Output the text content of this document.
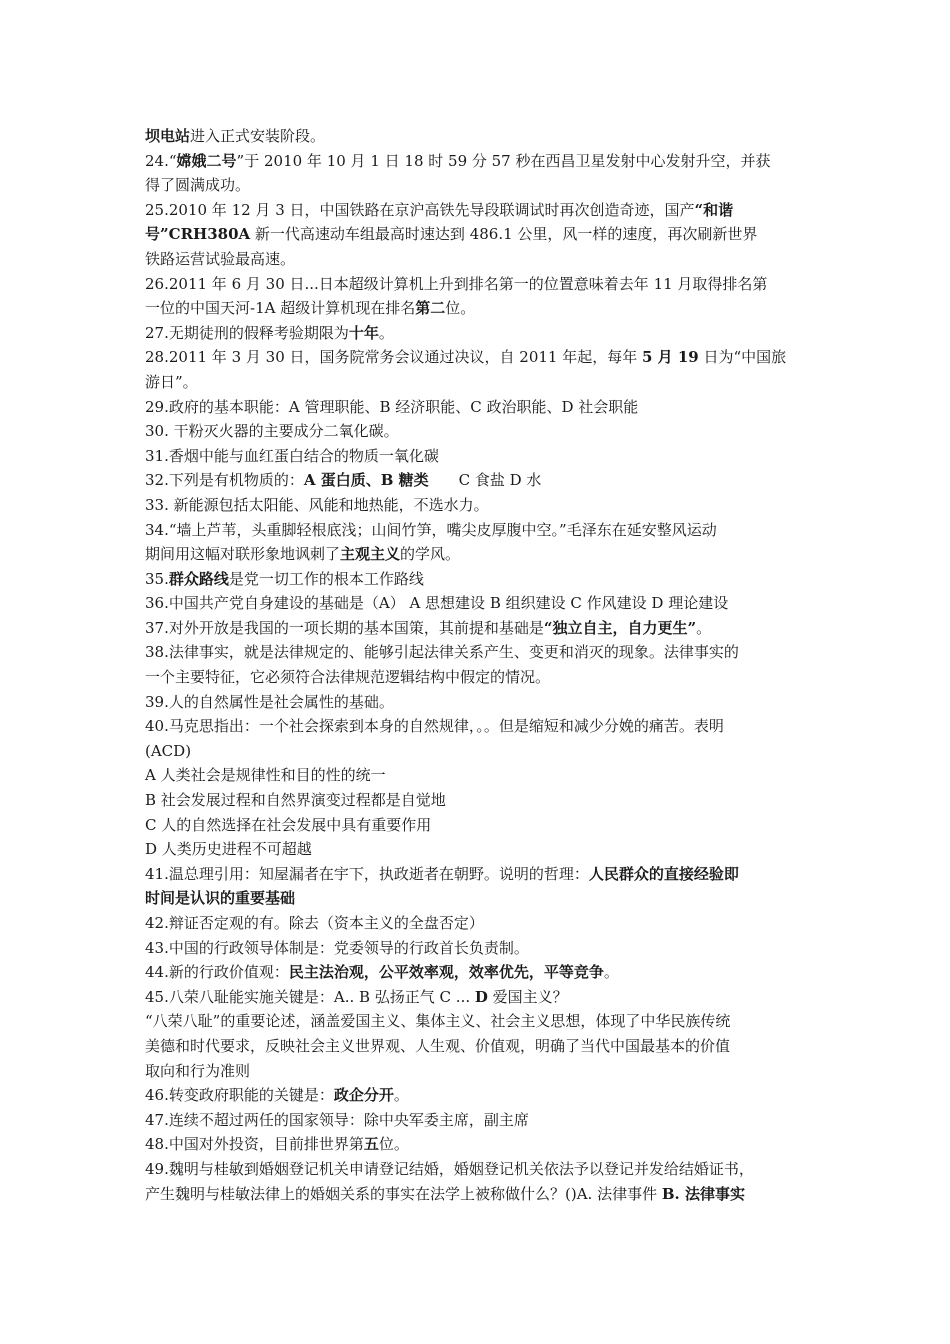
坝电站进入正式安装阶段。
24.“嫦娥二号”于 2010 年 10 月 1 日 18 时 59 分 57 秒在西昌卫星发射中心发射升空，并获
得了圆满成功。
25.2010 年 12 月 3 日，中国铁路在京沪高铁先导段联调试时再次创造奇迹，国产“和谐
号”CRH380A 新一代高速动车组最高时速达到 486.1 公里，风一样的速度，再次刷新世界
铁路运营试验最高速。
26.2011 年 6 月 30 日...日本超级计算机上升到排名第一的位置意味着去年 11 月取得排名第
一位的中国天河-1A 超级计算机现在排名第二位。
27.无期徒刑的假释考验期限为十年。
28.2011 年 3 月 30 日，国务院常务会议通过决议，自 2011 年起，每年 5 月 19 日为“中国旅
游日”。
29.政府的基本职能：A 管理职能、B 经济职能、C 政治职能、D 社会职能
30. 干粉灭火器的主要成分二氧化碳。
31.香烟中能与血红蛋白结合的物质一氧化碳
32.下列是有机物质的：A 蛋白质、B 糖类　　C 食盐 D 水
33. 新能源包括太阳能、风能和地热能，不选水力。
34.“墙上芦苇，头重脚轻根底浅；山间竹笋，嘴尖皮厚腹中空。”毛泽东在延安整风运动
期间用这幅对联形象地讽刺了主观主义的学风。
35.群众路线是党一切工作的根本工作路线
36.中国共产党自身建设的基础是（A） A 思想建设 B 组织建设 C 作风建设 D 理论建设
37.对外开放是我国的一项长期的基本国策，其前提和基础是“独立自主，自力更生”。
38.法律事实，就是法律规定的、能够引起法律关系产生、变更和消灭的现象。法律事实的
一个主要特征，它必须符合法律规范逻辑结构中假定的情况。
39.人的自然属性是社会属性的基础。
40.马克思指出：一个社会探索到本身的自然规律，。。但是缩短和减少分娩的痛苦。表明
(ACD)
A 人类社会是规律性和目的性的统一
B 社会发展过程和自然界演变过程都是自觉地
C 人的自然选择在社会发展中具有重要作用
D 人类历史进程不可超越
41.温总理引用：知屋漏者在宇下，执政逝者在朝野。说明的哲理：人民群众的直接经验即
时间是认识的重要基础
42.辩证否定观的有。除去（资本主义的全盘否定）
43.中国的行政领导体制是：党委领导的行政首长负责制。
44.新的行政价值观：民主法治观，公平效率观，效率优先，平等竞争。
45.八荣八耻能实施关键是：A.. B 弘扬正气 C ... D 爱国主义？
“八荣八耻”的重要论述，涵盖爱国主义、集体主义、社会主义思想，体现了中华民族传统
美德和时代要求，反映社会主义世界观、人生观、价值观，明确了当代中国最基本的价值
取向和行为准则
46.转变政府职能的关键是：政企分开。
47.连续不超过两任的国家领导：除中央军委主席，副主席
48.中国对外投资，目前排世界第五位。
49.魏明与桂敏到婚姻登记机关申请登记结婚，婚姻登记机关依法予以登记并发给结婚证书，
产生魏明与桂敏法律上的婚姻关系的事实在法学上被称做什么？()A. 法律事件 B. 法律事实
